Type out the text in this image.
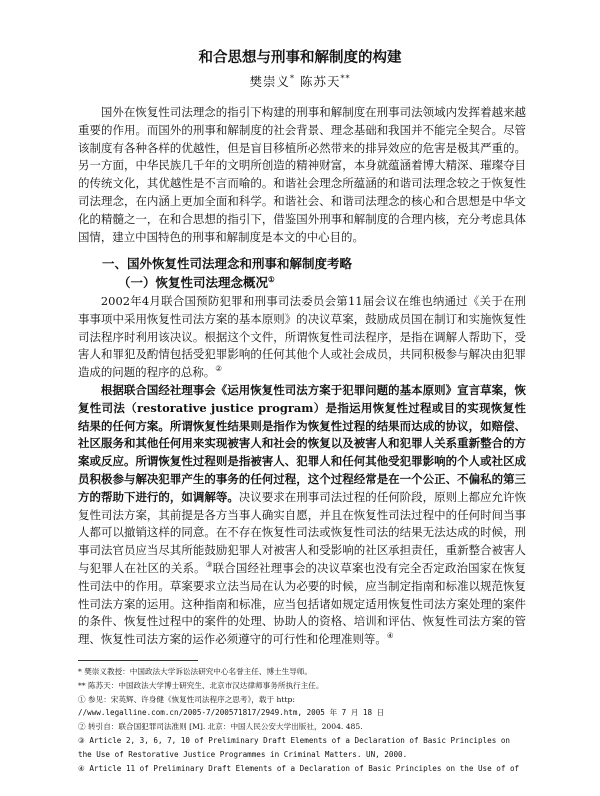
和合思想与刑事和解制度的构建
樊崇义* 陈苏天**

国外在恢复性司法理念的指引下构建的刑事和解制度在刑事司法领域内发挥着越来越重要的作用。而国外的刑事和解制度的社会背景、理念基础和我国并不能完全契合。尽管该制度有各种各样的优越性，但是盲目移植所必然带来的排异效应的危害是极其严重的。另一方面，中华民族几千年的文明所创造的精神财富，本身就蕴涵着博大精深、璀璨夺目的传统文化，其优越性是不言而喻的。和谐社会理念所蕴涵的和谐司法理念较之于恢复性司法理念，在内涵上更加全面和科学。和谐社会、和谐司法理念的核心和合思想是中华文化的精髓之一，在和合思想的指引下，借鉴国外刑事和解制度的合理内核，充分考虑具体国情，建立中国特色的刑事和解制度是本文的中心目的。

一、国外恢复性司法理念和刑事和解制度考略

（一）恢复性司法理念概况①

2002年4月联合国预防犯罪和刑事司法委员会第11届会议在维也纳通过《关于在刑事事项中采用恢复性司法方案的基本原则》的决议草案，鼓励成员国在制订和实施恢复性司法程序时利用该决议。根据这个文件，所谓恢复性司法程序，是指在调解人帮助下，受害人和罪犯及酌情包括受犯罪影响的任何其他个人或社会成员，共同积极参与解决由犯罪造成的问题的程序的总称。②

根据联合国经社理事会《运用恢复性司法方案于犯罪问题的基本原则》宣言草案，恢复性司法（restorative justice program）是指运用恢复性过程或目的实现恢复性结果的任何方案。所谓恢复性结果则是指作为恢复性过程的结果而达成的协议，如赔偿、社区服务和其他任何用来实现被害人和社会的恢复以及被害人和犯罪人关系重新整合的方案或反应。所谓恢复性过程则是指被害人、犯罪人和任何其他受犯罪影响的个人或社区成员积极参与解决犯罪产生的事务的任何过程，这个过程经常是在一个公正、不偏私的第三方的帮助下进行的，如调解等。决议要求在刑事司法过程的任何阶段，原则上都应允许恢复性司法方案，其前提是各方当事人确实自愿，并且在恢复性司法过程中的任何时间当事人都可以撤销这样的同意。在不存在恢复性司法或恢复性司法的结果无法达成的时候，刑事司法官员应当尽其所能鼓励犯罪人对被害人和受影响的社区承担责任，重新整合被害人与犯罪人在社区的关系。③联合国经社理事会的决议草案也没有完全否定政治国家在恢复性司法中的作用。草案要求立法当局在认为必要的时候，应当制定指南和标准以规范恢复性司法方案的运用。这种指南和标准，应当包括诸如规定适用恢复性司法方案处理的案件的条件、恢复性过程中的案件的处理、协助人的资格、培训和评估、恢复性司法方案的管理、恢复性司法方案的运作必须遵守的可行性和伦理准则等。④

* 樊崇义教授：中国政法大学诉讼法研究中心名誉主任、博士生导师。
** 陈苏天：中国政法大学博士研究生、北京市汉达律师事务所执行主任。
① 参见：宋英辉、许身健《恢复性司法程序之思考》，载于 http:
//www.legalline.com.cn/2005-7/200571817/2949.htm, 2005 年 7 月 18 日
② 转引自：联合国犯罪司法准则 [M]. 北京：中国人民公安大学出版社，2004. 485.
③ Article 2, 3, 6, 7, 10 of Preliminary Draft Elements of a Declaration of Basic Principles on
the Use of Restorative Justice Programmes in Criminal Matters. UN, 2000.
④ Article 11 of Preliminary Draft Elements of a Declaration of Basic Principles on the Use of of
